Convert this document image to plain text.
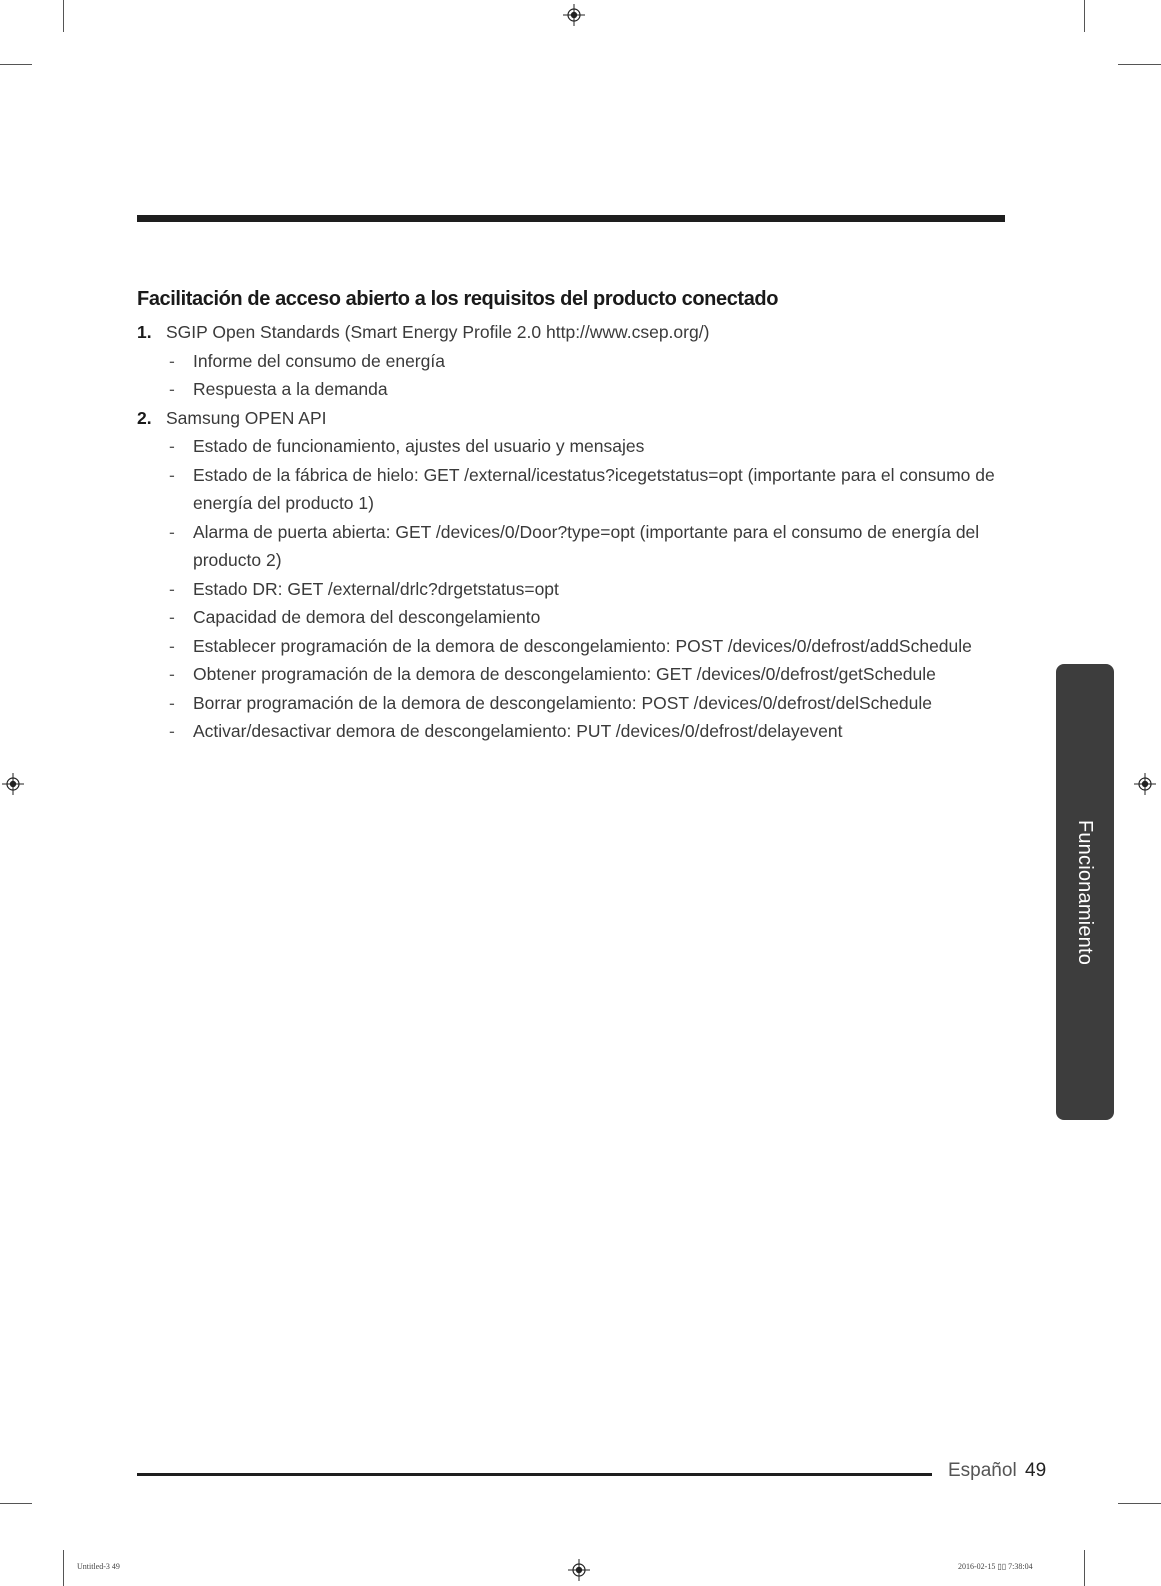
Facilitación de acceso abierto a los requisitos del producto conectado
1. SGIP Open Standards (Smart Energy Profile 2.0 http://www.csep.org/)
- Informe del consumo de energía
- Respuesta a la demanda
2. Samsung OPEN API
- Estado de funcionamiento, ajustes del usuario y mensajes
- Estado de la fábrica de hielo: GET /external/icestatus?icegetstatus=opt (importante para el consumo de energía del producto 1)
- Alarma de puerta abierta: GET /devices/0/Door?type=opt (importante para el consumo de energía del producto 2)
- Estado DR: GET /external/drlc?drgetstatus=opt
- Capacidad de demora del descongelamiento
- Establecer programación de la demora de descongelamiento: POST /devices/0/defrost/addSchedule
- Obtener programación de la demora de descongelamiento: GET /devices/0/defrost/getSchedule
- Borrar programación de la demora de descongelamiento: POST /devices/0/defrost/delSchedule
- Activar/desactivar demora de descongelamiento: PUT /devices/0/defrost/delayevent
Funcionamiento
Español 49
Untitled-3 49	2016-02-15 ▯▯ 7:38:04
